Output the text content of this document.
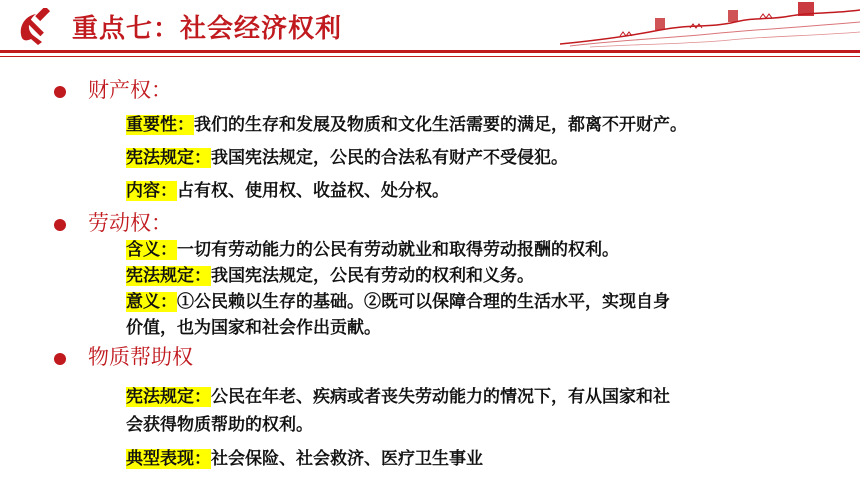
重点七：社会经济权利
财产权：
重要性：我们的生存和发展及物质和文化生活需要的满足，都离不开财产。
宪法规定：我国宪法规定，公民的合法私有财产不受侵犯。
内容：占有权、使用权、收益权、处分权。
劳动权：
含义：一切有劳动能力的公民有劳动就业和取得劳动报酬的权利。
宪法规定：我国宪法规定，公民有劳动的权利和义务。
意义：①公民赖以生存的基础。②既可以保障合理的生活水平，实现自身
价值，也为国家和社会作出贡献。
物质帮助权
宪法规定：公民在年老、疾病或者丧失劳动能力的情况下，有从国家和社
会获得物质帮助的权利。
典型表现：社会保险、社会救济、医疗卫生事业
